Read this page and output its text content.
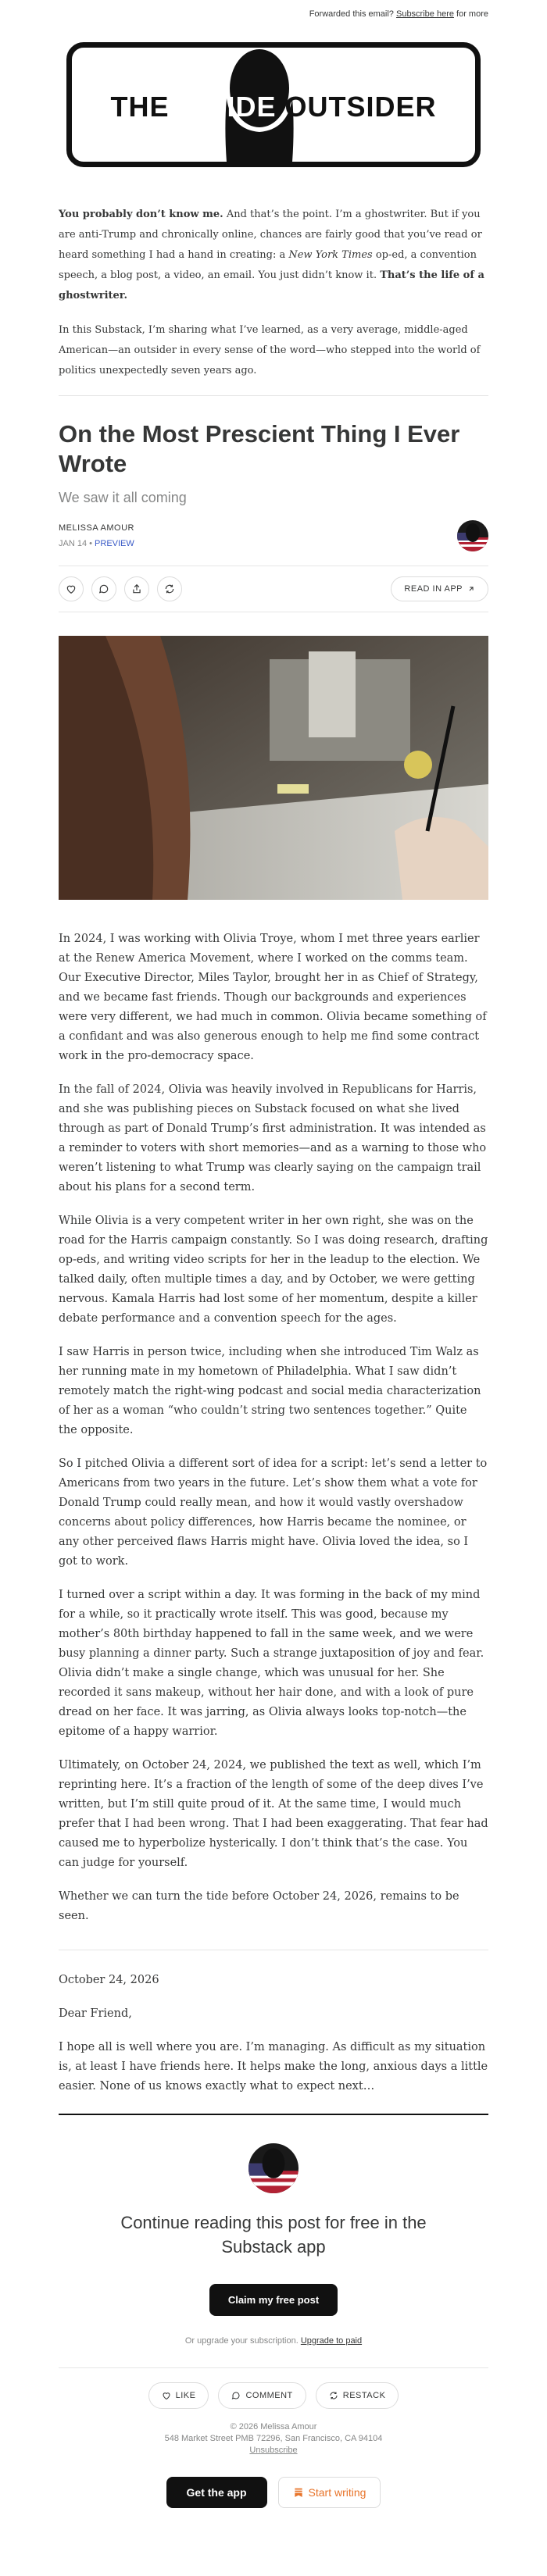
Forwarded this email? Subscribe here for more
THE INSIDE OUTSIDER

You probably don’t know me. And that’s the point. I’m a ghostwriter. But if you are anti-Trump and chronically online, chances are fairly good that you’ve read or heard something I had a hand in creating: a New York Times op-ed, a convention speech, a blog post, a video, an email. You just didn’t know it. That’s the life of a ghostwriter.

In this Substack, I’m sharing what I’ve learned, as a very average, middle-aged American—an outsider in every sense of the word—who stepped into the world of politics unexpectedly seven years ago.

On the Most Prescient Thing I Ever Wrote
We saw it all coming
MELISSA AMOUR
JAN 14 • PREVIEW
READ IN APP

In 2024, I was working with Olivia Troye, whom I met three years earlier at the Renew America Movement, where I worked on the comms team. Our Executive Director, Miles Taylor, brought her in as Chief of Strategy, and we became fast friends. Though our backgrounds and experiences were very different, we had much in common. Olivia became something of a confidant and was also generous enough to help me find some contract work in the pro-democracy space.

In the fall of 2024, Olivia was heavily involved in Republicans for Harris, and she was publishing pieces on Substack focused on what she lived through as part of Donald Trump’s first administration. It was intended as a reminder to voters with short memories—and as a warning to those who weren’t listening to what Trump was clearly saying on the campaign trail about his plans for a second term.

While Olivia is a very competent writer in her own right, she was on the road for the Harris campaign constantly. So I was doing research, drafting op-eds, and writing video scripts for her in the leadup to the election. We talked daily, often multiple times a day, and by October, we were getting nervous. Kamala Harris had lost some of her momentum, despite a killer debate performance and a convention speech for the ages.

I saw Harris in person twice, including when she introduced Tim Walz as her running mate in my hometown of Philadelphia. What I saw didn’t remotely match the right-wing podcast and social media characterization of her as a woman “who couldn’t string two sentences together.” Quite the opposite.

So I pitched Olivia a different sort of idea for a script: let’s send a letter to Americans from two years in the future. Let’s show them what a vote for Donald Trump could really mean, and how it would vastly overshadow concerns about policy differences, how Harris became the nominee, or any other perceived flaws Harris might have. Olivia loved the idea, so I got to work.

I turned over a script within a day. It was forming in the back of my mind for a while, so it practically wrote itself. This was good, because my mother’s 80th birthday happened to fall in the same week, and we were busy planning a dinner party. Such a strange juxtaposition of joy and fear. Olivia didn’t make a single change, which was unusual for her. She recorded it sans makeup, without her hair done, and with a look of pure dread on her face. It was jarring, as Olivia always looks top-notch—the epitome of a happy warrior.

Ultimately, on October 24, 2024, we published the text as well, which I’m reprinting here. It’s a fraction of the length of some of the deep dives I’ve written, but I’m still quite proud of it. At the same time, I would much prefer that I had been wrong. That I had been exaggerating. That fear had caused me to hyperbolize hysterically. I don’t think that’s the case. You can judge for yourself.

Whether we can turn the tide before October 24, 2026, remains to be seen.

October 24, 2026

Dear Friend,

I hope all is well where you are. I’m managing. As difficult as my situation is, at least I have friends here. It helps make the long, anxious days a little easier. None of us knows exactly what to expect next…

Continue reading this post for free in the Substack app
Claim my free post
Or upgrade your subscription. Upgrade to paid
LIKE	COMMENT	RESTACK
© 2026 Melissa Amour
548 Market Street PMB 72296, San Francisco, CA 94104
Unsubscribe
Get the app	Start writing
